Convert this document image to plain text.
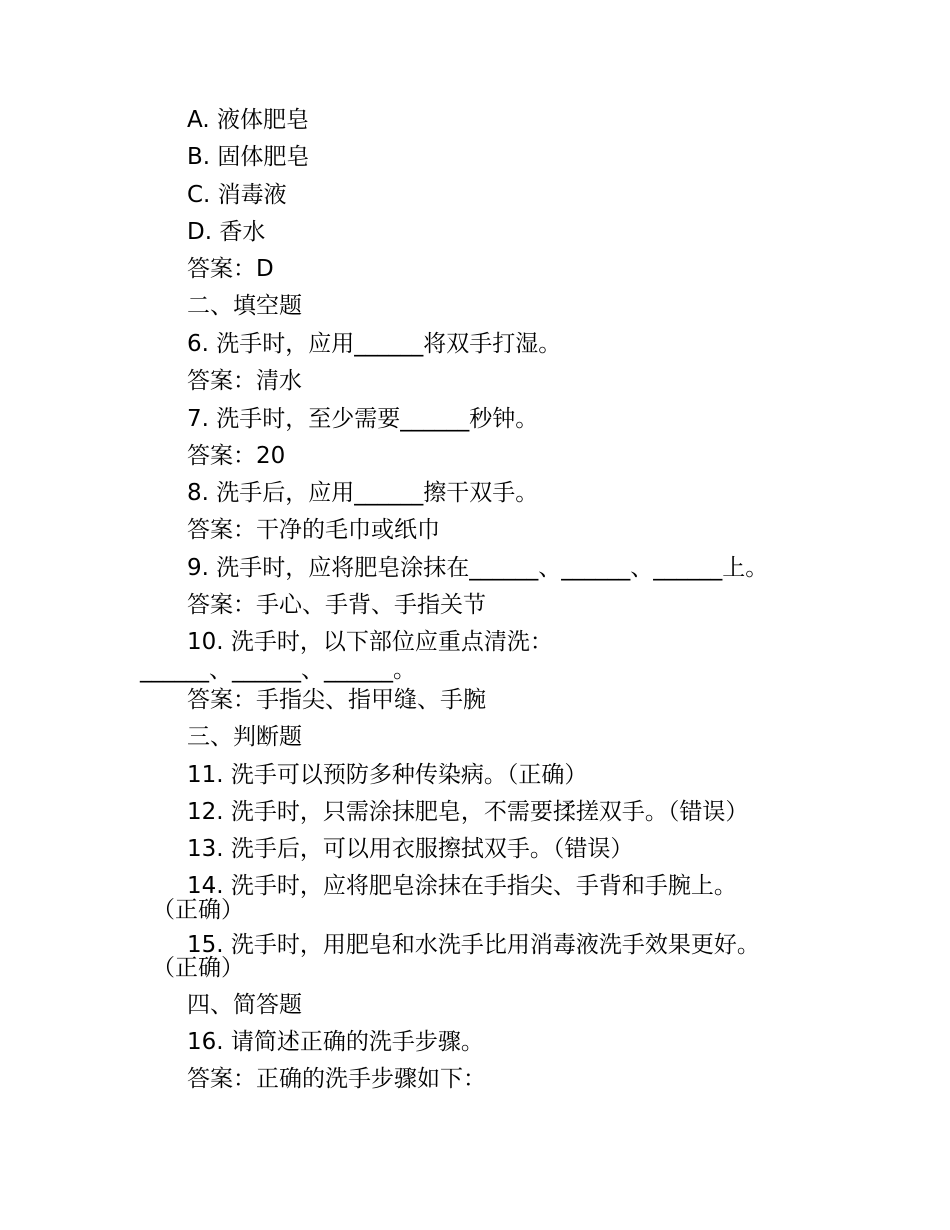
A. 液体肥皂
B. 固体肥皂
C. 消毒液
D. 香水
答案：D
二、填空题
6. 洗手时，应用______将双手打湿。
答案：清水
7. 洗手时，至少需要______秒钟。
答案：20
8. 洗手后，应用______擦干双手。
答案：干净的毛巾或纸巾
9. 洗手时，应将肥皂涂抹在______、______、______上。
答案：手心、手背、手指关节
10. 洗手时，以下部位应重点清洗：
______、______、______。
答案：手指尖、指甲缝、手腕
三、判断题
11. 洗手可以预防多种传染病。（正确）
12. 洗手时，只需涂抹肥皂，不需要揉搓双手。（错误）
13. 洗手后，可以用衣服擦拭双手。（错误）
14. 洗手时，应将肥皂涂抹在手指尖、手背和手腕上。
（正确）
15. 洗手时，用肥皂和水洗手比用消毒液洗手效果更好。
（正确）
四、简答题
16. 请简述正确的洗手步骤。
答案：正确的洗手步骤如下：
